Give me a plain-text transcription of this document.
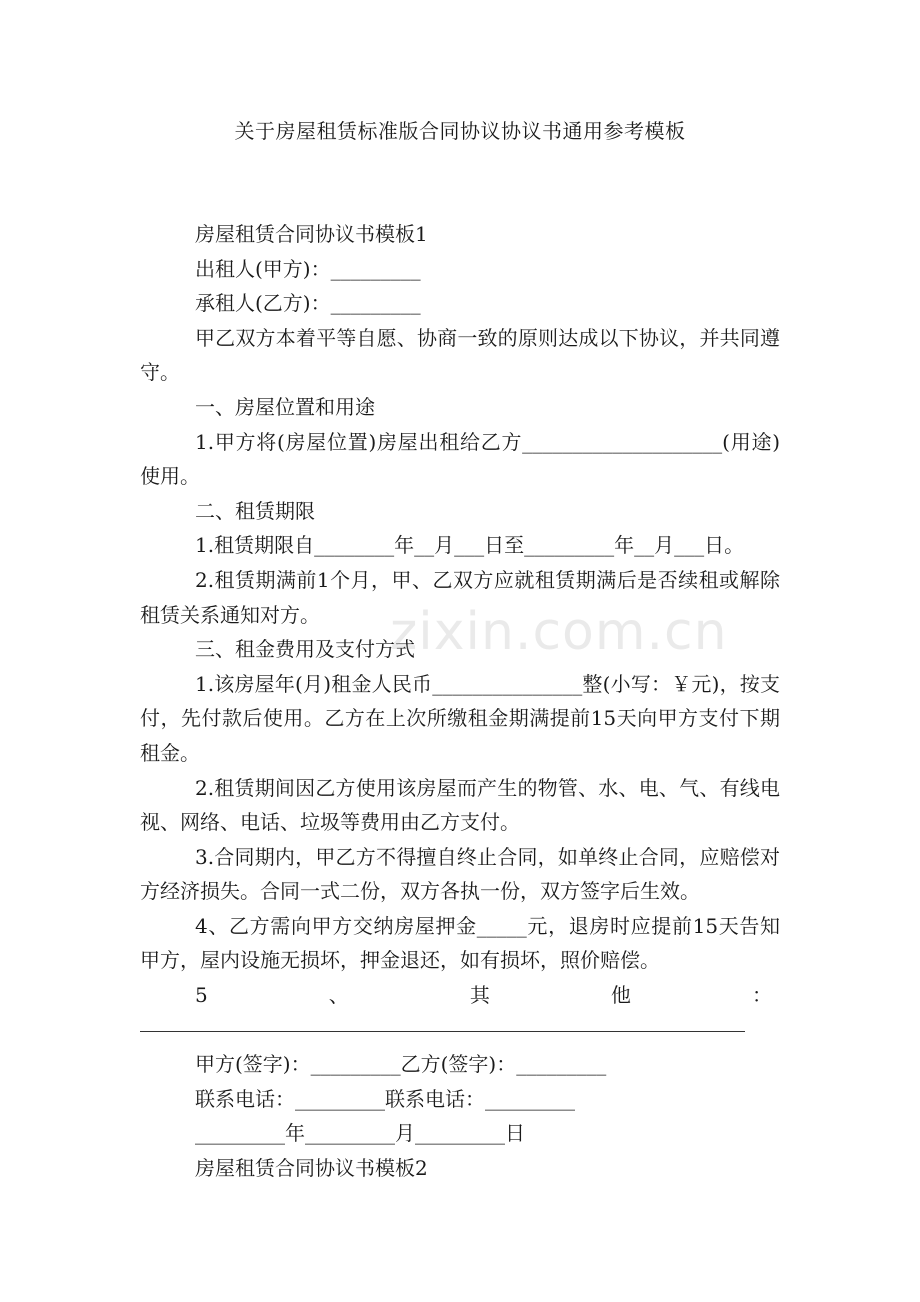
关于房屋租赁标准版合同协议协议书通用参考模板

房屋租赁合同协议书模板1

出租人(甲方)：_________

承租人(乙方)：_________

甲乙双方本着平等自愿、协商一致的原则达成以下协议，并共同遵守。

一、房屋位置和用途

1.甲方将(房屋位置)房屋出租给乙方____________________(用途)使用。

二、租赁期限

1.租赁期限自________年__月___日至_________年__月___日。

2.租赁期满前1个月，甲、乙双方应就租赁期满后是否续租或解除租赁关系通知对方。

三、租金费用及支付方式

1.该房屋年(月)租金人民币_______________整(小写：￥元)，按支付，先付款后使用。乙方在上次所缴租金期满提前15天向甲方支付下期租金。

2.租赁期间因乙方使用该房屋而产生的物管、水、电、气、有线电视、网络、电话、垃圾等费用由乙方支付。

3.合同期内，甲乙方不得擅自终止合同，如单终止合同，应赔偿对方经济损失。合同一式二份，双方各执一份，双方签字后生效。

4、乙方需向甲方交纳房屋押金_____元，退房时应提前15天告知甲方，屋内设施无损坏，押金退还，如有损坏，照价赔偿。

5	、	其	他	：

甲方(签字)：_________乙方(签字)：_________

联系电话：_________联系电话：_________

_________年_________月_________日

房屋租赁合同协议书模板2

zixin.com.cn
